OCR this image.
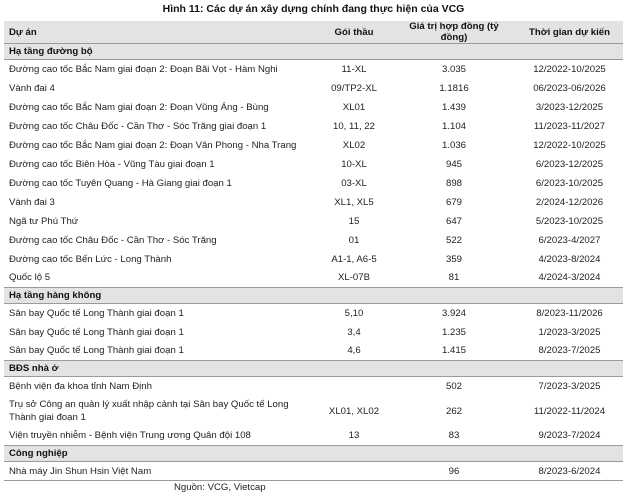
Hình 11: Các dự án xây dựng chính đang thực hiện của VCG
Dự án	Gói thầu	Giá trị hợp đồng (tỷ đồng)	Thời gian dự kiến
Hạ tầng đường bộ			
Đường cao tốc Bắc Nam giai đoạn 2: Đoạn Bãi Vọt - Hàm Nghi	11-XL	3.035	12/2022-10/2025
Vành đai 4	09/TP2-XL	1.1816	06/2023-06/2026
Đường cao tốc Bắc Nam giai đoạn 2: Đoạn Vũng Áng - Bùng	XL01	1.439	3/2023-12/2025
Đường cao tốc Châu Đốc - Cần Thơ - Sóc Trăng giai đoạn 1	10, 11, 22	1.104	11/2023-11/2027
Đường cao tốc Bắc Nam giai đoạn 2: Đoạn Vân Phong - Nha Trang	XL02	1.036	12/2022-10/2025
Đường cao tốc Biên Hòa - Vũng Tàu giai đoạn 1	10-XL	945	6/2023-12/2025
Đường cao tốc Tuyên Quang - Hà Giang giai đoạn 1	03-XL	898	6/2023-10/2025
Vành đai 3	XL1, XL5	679	2/2024-12/2026
Ngã tư Phú Thứ	15	647	5/2023-10/2025
Đường cao tốc Châu Đốc - Cần Thơ - Sóc Trăng	01	522	6/2023-4/2027
Đường cao tốc Bến Lức - Long Thành	A1-1, A6-5	359	4/2023-8/2024
Quốc lộ 5	XL-07B	81	4/2024-3/2024
Hạ tầng hàng không			
Sân bay Quốc tế Long Thành giai đoạn 1	5,10	3.924	8/2023-11/2026
Sân bay Quốc tế Long Thành giai đoạn 1	3,4	1.235	1/2023-3/2025
Sân bay Quốc tế Long Thành giai đoạn 1	4,6	1.415	8/2023-7/2025
BĐS nhà ở			
Bệnh viện đa khoa tỉnh Nam Định		502	7/2023-3/2025
Trụ sở Công an quản lý xuất nhập cảnh tại Sân bay Quốc tế Long Thành giai đoạn 1	XL01, XL02	262	11/2022-11/2024
Viện truyền nhiễm - Bệnh viện Trung ương Quân đội 108	13	83	9/2023-7/2024
Công nghiệp			
Nhà máy Jin Shun Hsin Việt Nam		96	8/2023-6/2024
Nguồn: VCG, Vietcap
